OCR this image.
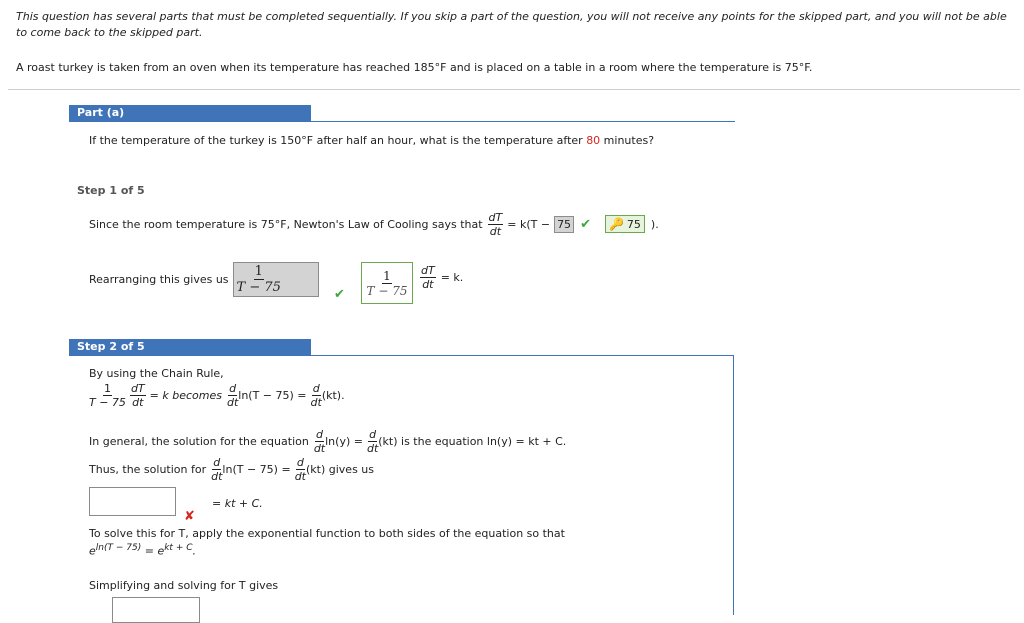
This question has several parts that must be completed sequentially. If you skip a part of the question, you will not receive any points for the skipped part, and you will not be able to come back to the skipped part.
A roast turkey is taken from an oven when its temperature has reached 185°F and is placed on a table in a room where the temperature is 75°F.
Part (a)
If the temperature of the turkey is 150°F after half an hour, what is the temperature after 80 minutes?
Step 1 of 5
Since the room temperature is 75°F, Newton's Law of Cooling says that $\frac{dT}{dt} = k(T - 75$ ✔ 🔑 75 ).
Rearranging this gives us $\frac{1}{T - 75}$
✔ $\frac{1}{T - 75} \frac{dT}{dt} = k$.
Step 2 of 5
By using the Chain Rule,
$\frac{1}{T - 75} \frac{dT}{dt} = k$ becomes $\frac{d}{dt} \ln(T - 75) = \frac{d}{dt} (kt)$.
In general, the solution for the equation $\frac{d}{dt} \ln(y) = \frac{d}{dt} (kt)$ is the equation ln(y) = kt + C.
Thus, the solution for $\frac{d}{dt} \ln(T - 75) = \frac{d}{dt} (kt)$ gives us
= kt + C.
✘
To solve this for T, apply the exponential function to both sides of the equation so that
$e^{ln(T - 75)} = e^{kt + C}$.
Simplifying and solving for T gives
